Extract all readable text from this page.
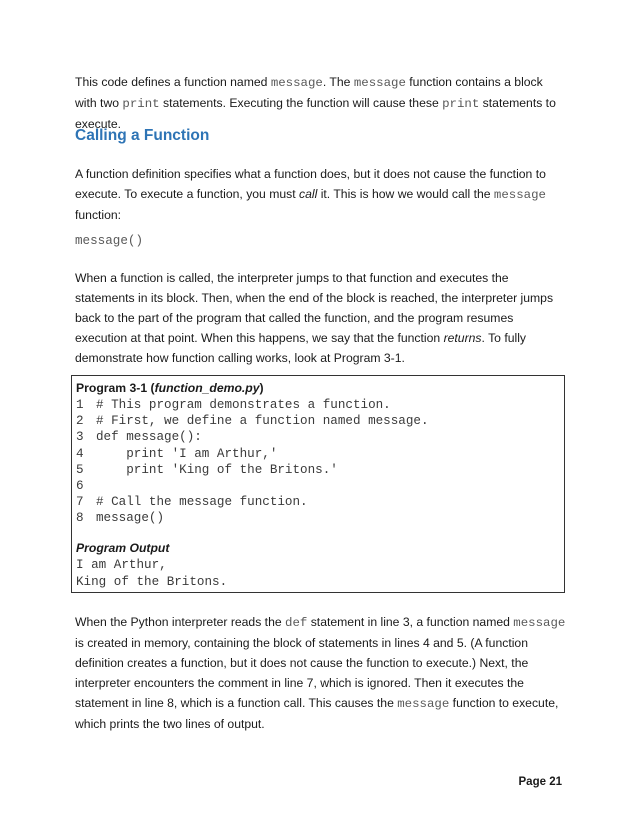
This code defines a function named message. The message function contains a block with two print statements. Executing the function will cause these print statements to execute.

Calling a Function

A function definition specifies what a function does, but it does not cause the function to execute. To execute a function, you must call it. This is how we would call the message function:

message()

When a function is called, the interpreter jumps to that function and executes the statements in its block. Then, when the end of the block is reached, the interpreter jumps back to the part of the program that called the function, and the program resumes execution at that point. When this happens, we say that the function returns. To fully demonstrate how function calling works, look at Program 3-1.

Program 3-1 (function_demo.py)

1 # This program demonstrates a function.
2 # First, we define a function named message.
3 def message():
4    print 'I am Arthur,'
5    print 'King of the Britons.'
6
7 # Call the message function.
8 message()

Program Output

I am Arthur,
King of the Britons.

When the Python interpreter reads the def statement in line 3, a function named message is created in memory, containing the block of statements in lines 4 and 5. (A function definition creates a function, but it does not cause the function to execute.) Next, the interpreter encounters the comment in line 7, which is ignored. Then it executes the statement in line 8, which is a function call. This causes the message function to execute, which prints the two lines of output.

Page 21
